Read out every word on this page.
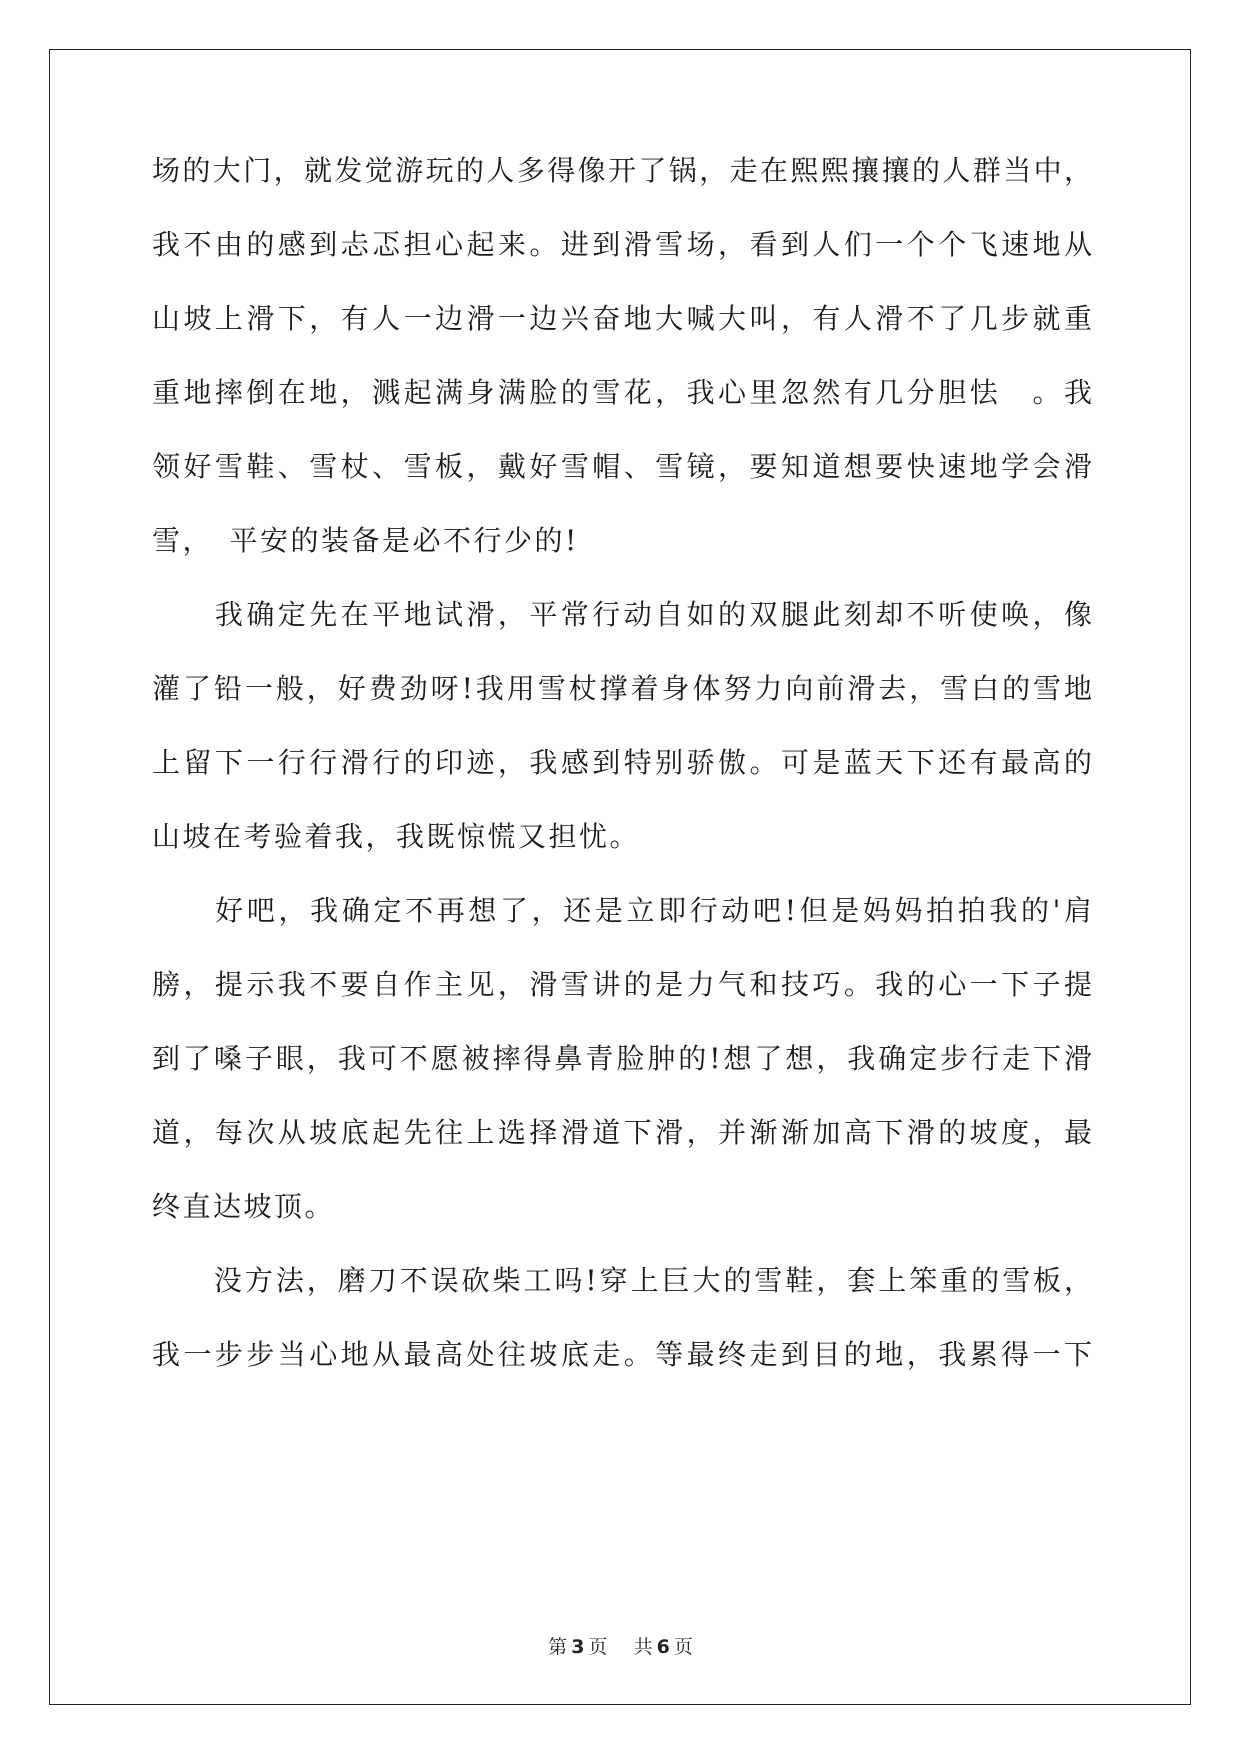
场的大门，就发觉游玩的人多得像开了锅，走在熙熙攘攘的人群当中，
我不由的感到忐忑担心起来。进到滑雪场，看到人们一个个飞速地从
山坡上滑下，有人一边滑一边兴奋地大喊大叫，有人滑不了几步就重
重地摔倒在地，溅起满身满脸的雪花，我心里忽然有几分胆怯　。我
领好雪鞋、雪杖、雪板，戴好雪帽、雪镜，要知道想要快速地学会滑
雪，　平安的装备是必不行少的!
　　我确定先在平地试滑，平常行动自如的双腿此刻却不听使唤，像
灌了铅一般，好费劲呀!我用雪杖撑着身体努力向前滑去，雪白的雪地
上留下一行行滑行的印迹，我感到特别骄傲。可是蓝天下还有最高的
山坡在考验着我，我既惊慌又担忧。
　　好吧，我确定不再想了，还是立即行动吧!但是妈妈拍拍我的'肩
膀，提示我不要自作主见，滑雪讲的是力气和技巧。我的心一下子提
到了嗓子眼，我可不愿被摔得鼻青脸肿的!想了想，我确定步行走下滑
道，每次从坡底起先往上选择滑道下滑，并渐渐加高下滑的坡度，最
终直达坡顶。
　　没方法，磨刀不误砍柴工吗!穿上巨大的雪鞋，套上笨重的雪板，
我一步步当心地从最高处往坡底走。等最终走到目的地，我累得一下
第 3 页 共 6 页
